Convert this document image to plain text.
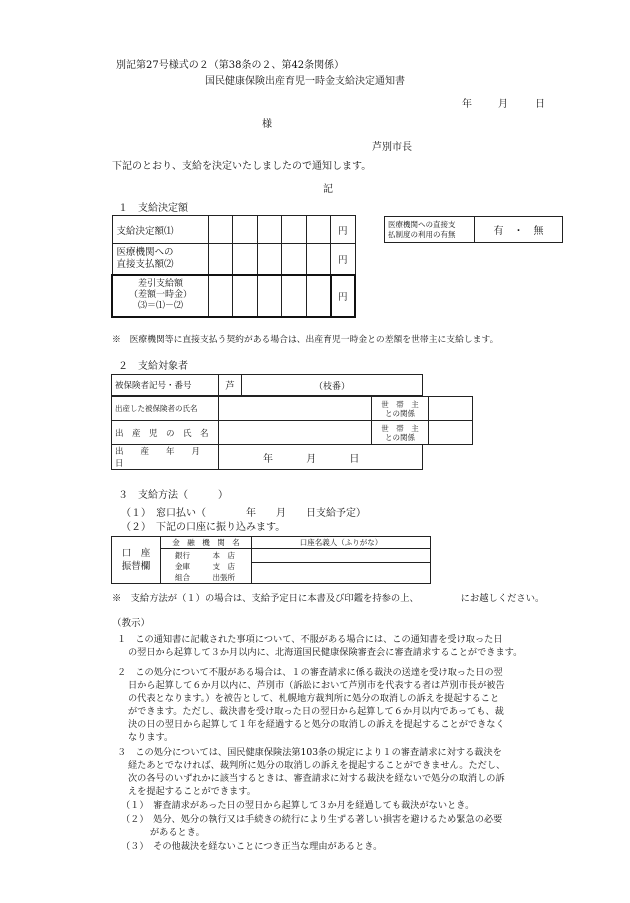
別記第27号様式の２（第38条の２、第42条関係）
国民健康保険出産育児一時金支給決定通知書
年	月	日
様
芦別市長
下記のとおり、支給を決定いたしましたので通知します。
記
１　支給決定額
支給決定額⑴						円

医療機関への
直接支払額⑵						円

差引支給額
（差額一時金）
⑶＝⑴－⑵						円
医療機関への直接支
払制度の利用の有無	有　・　無
※　医療機関等に直接支払う契約がある場合は、出産育児一時金との差額を世帯主に支給します。
２　支給対象者
被保険者記号・番号	芦	（枝番）
出産した被保険者の氏名		世　帯　主
との関係	

出　産　児　の　氏　名		世　帯　主
との関係	

出　　産　　年　　月　　日	年	月	日
３　支給方法（　　　）
（１）　窓口払い（　　　　年　　月　　日支給予定）
（２）　下記の口座に振り込みます。
口　座
振替欄	金　融　機　関　名	口座名義人（ふりがな）

	銀行　　　本　店
金庫　　　支　店
組合　　　出張所	

※　支給方法が（１）の場合は、支給予定日に本書及び印鑑を持参の上、　　　　　にお越しください。
（教示）
１　この通知書に記載された事項について、不服がある場合には、この通知書を受け取った日
の翌日から起算して３か月以内に、北海道国民健康保険審査会に審査請求することができます。
２　この処分について不服がある場合は、１の審査請求に係る裁決の送達を受け取った日の翌
日から起算して６か月以内に、芦別市（訴訟において芦別市を代表する者は芦別市長が被告
の代表となります。）を被告として、札幌地方裁判所に処分の取消しの訴えを提起すること
ができます。ただし、裁決書を受け取った日の翌日から起算して６か月以内であっても、裁
決の日の翌日から起算して１年を経過すると処分の取消しの訴えを提起することができなく
なります。
３　この処分については、国民健康保険法第103条の規定により１の審査請求に対する裁決を
経たあとでなければ、裁判所に処分の取消しの訴えを提起することができません。ただし、
次の各号のいずれかに該当するときは、審査請求に対する裁決を経ないで処分の取消しの訴
えを提起することができます。
（１）　審査請求があった日の翌日から起算して３か月を経過しても裁決がないとき。
（２）　処分、処分の執行又は手続きの続行により生ずる著しい損害を避けるため緊急の必要
があるとき。
（３）　その他裁決を経ないことにつき正当な理由があるとき。
